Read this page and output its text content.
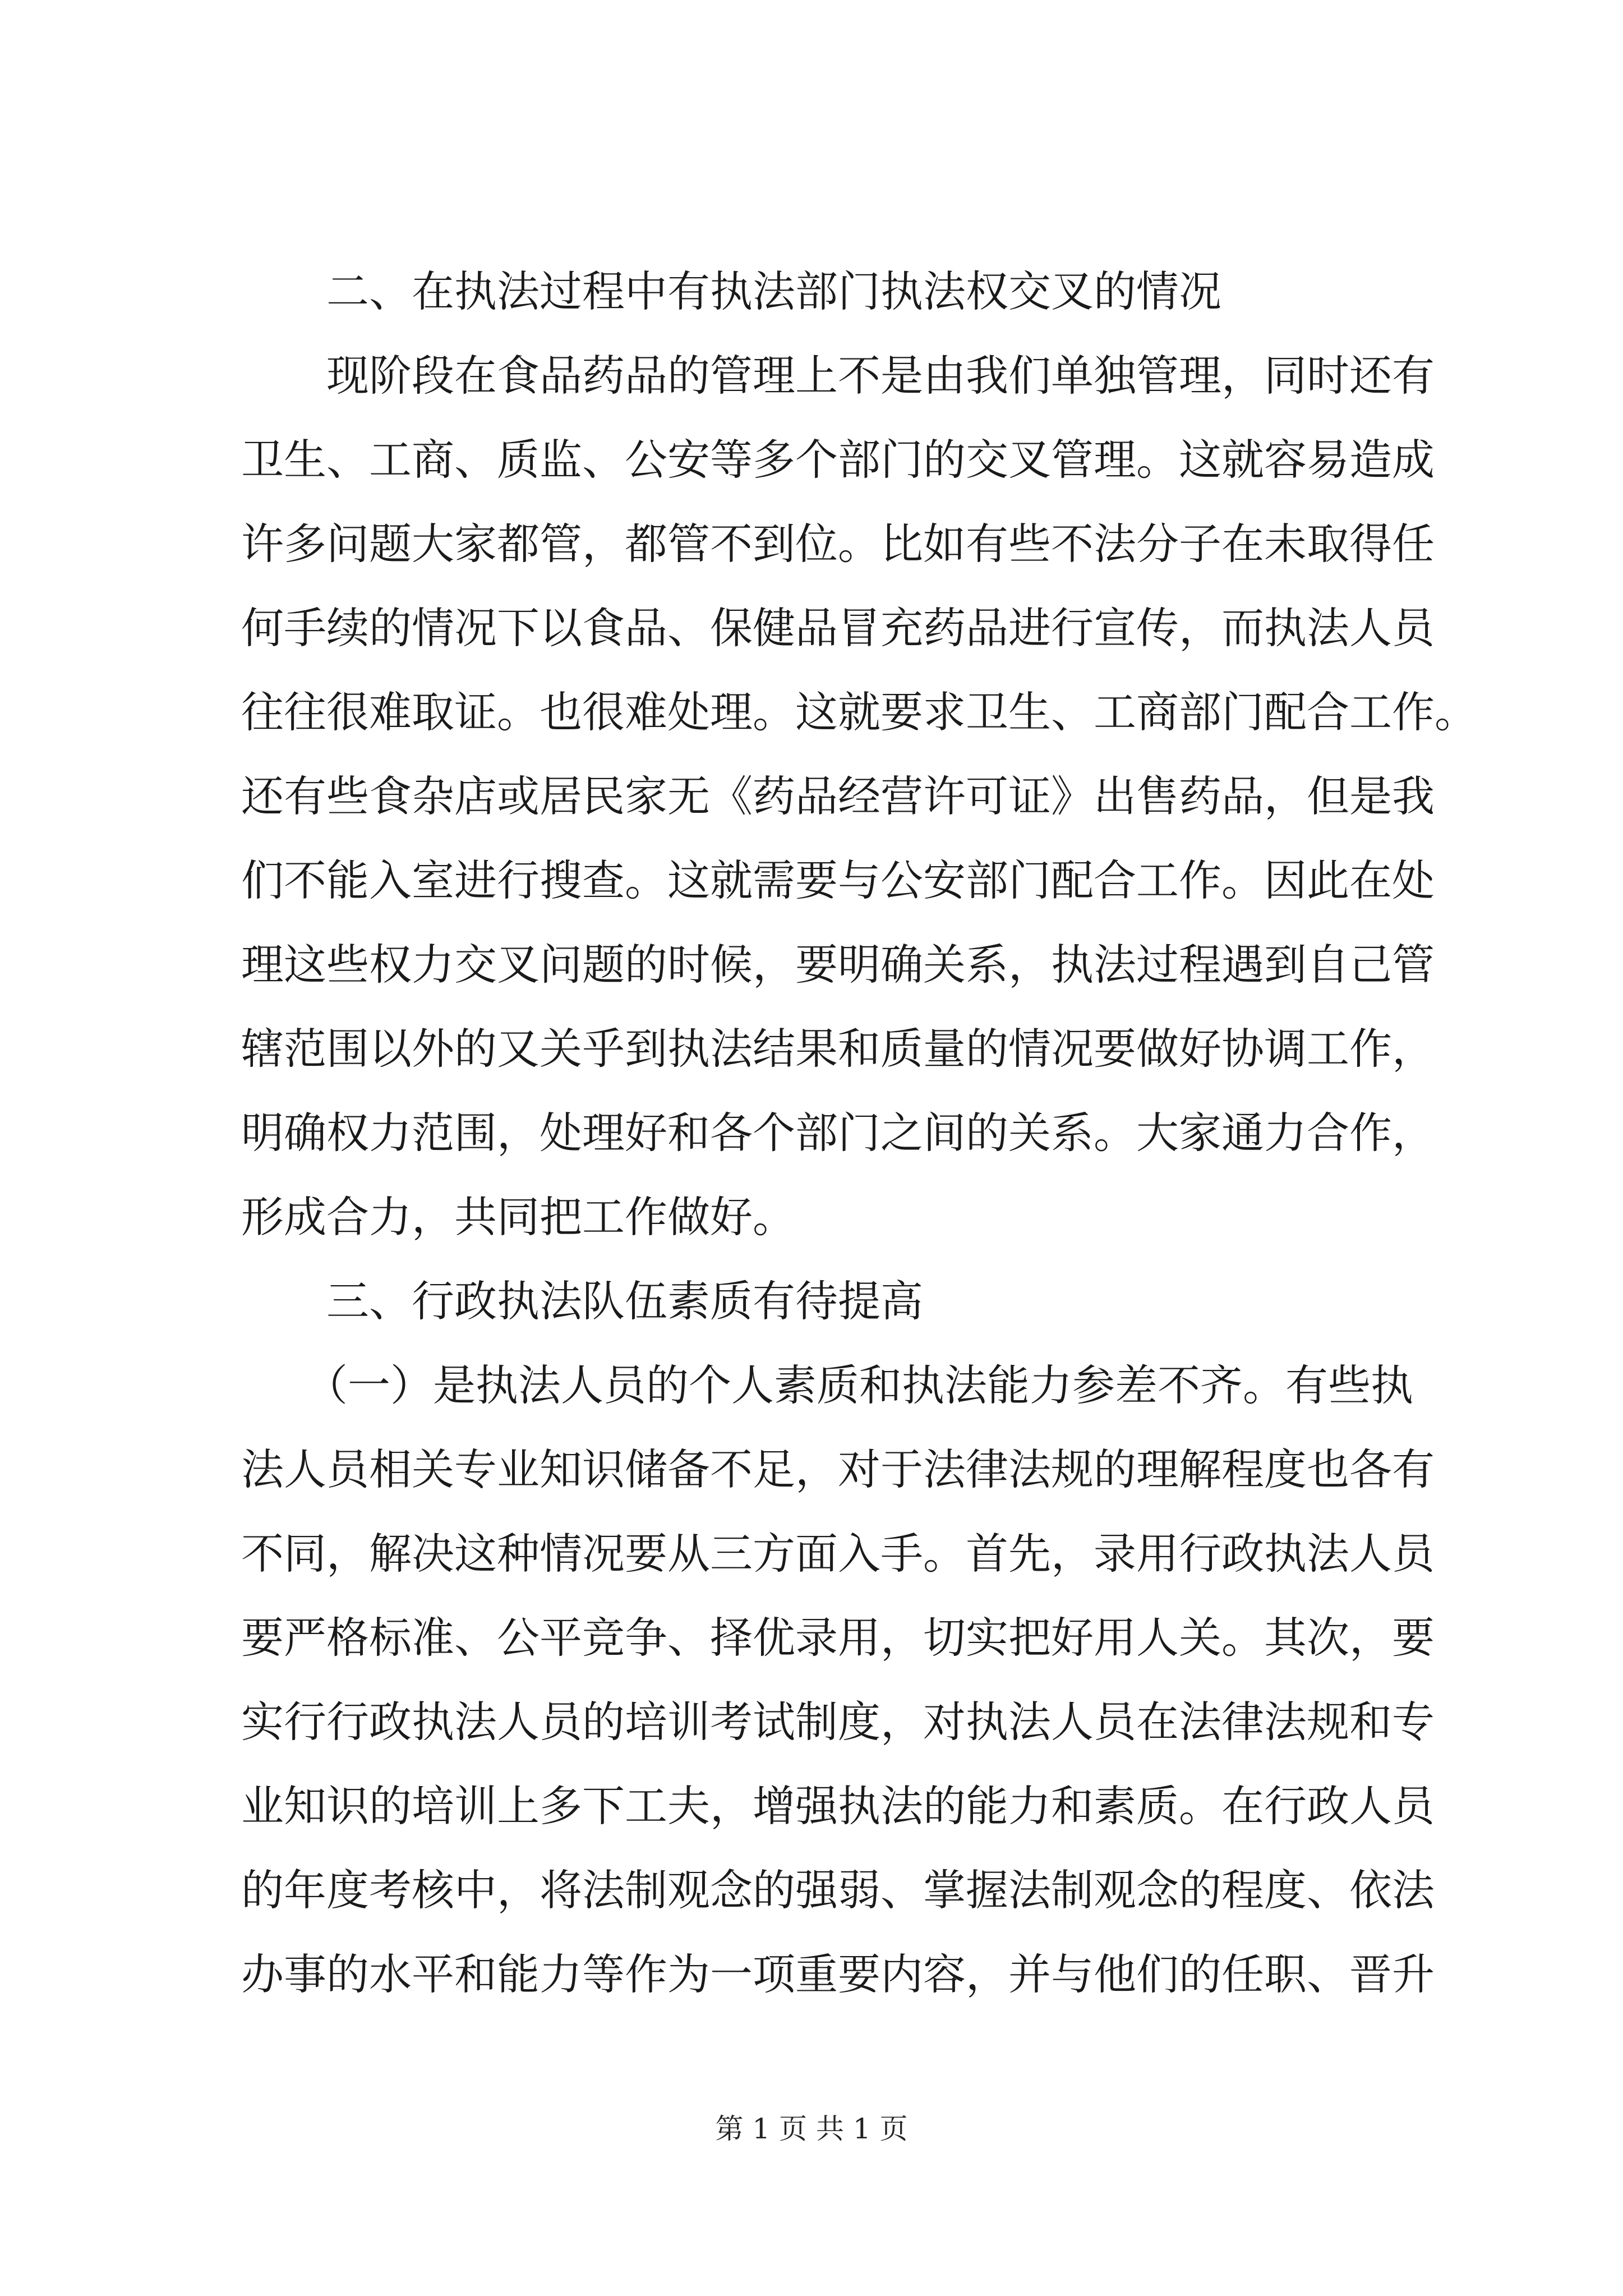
二、在执法过程中有执法部门执法权交叉的情况
现阶段在食品药品的管理上不是由我们单独管理，同时还有
卫生、工商、质监、公安等多个部门的交叉管理。这就容易造成
许多问题大家都管，都管不到位。比如有些不法分子在未取得任
何手续的情况下以食品、保健品冒充药品进行宣传，而执法人员
往往很难取证。也很难处理。这就要求卫生、工商部门配合工作。
还有些食杂店或居民家无《药品经营许可证》出售药品，但是我
们不能入室进行搜查。这就需要与公安部门配合工作。因此在处
理这些权力交叉问题的时候，要明确关系，执法过程遇到自己管
辖范围以外的又关乎到执法结果和质量的情况要做好协调工作，
明确权力范围，处理好和各个部门之间的关系。大家通力合作，
形成合力，共同把工作做好。
三、行政执法队伍素质有待提高
（一）是执法人员的个人素质和执法能力参差不齐。有些执
法人员相关专业知识储备不足，对于法律法规的理解程度也各有
不同，解决这种情况要从三方面入手。首先，录用行政执法人员
要严格标准、公平竞争、择优录用，切实把好用人关。其次，要
实行行政执法人员的培训考试制度，对执法人员在法律法规和专
业知识的培训上多下工夫，增强执法的能力和素质。在行政人员
的年度考核中，将法制观念的强弱、掌握法制观念的程度、依法
办事的水平和能力等作为一项重要内容，并与他们的任职、晋升
第 1 页 共 1 页
